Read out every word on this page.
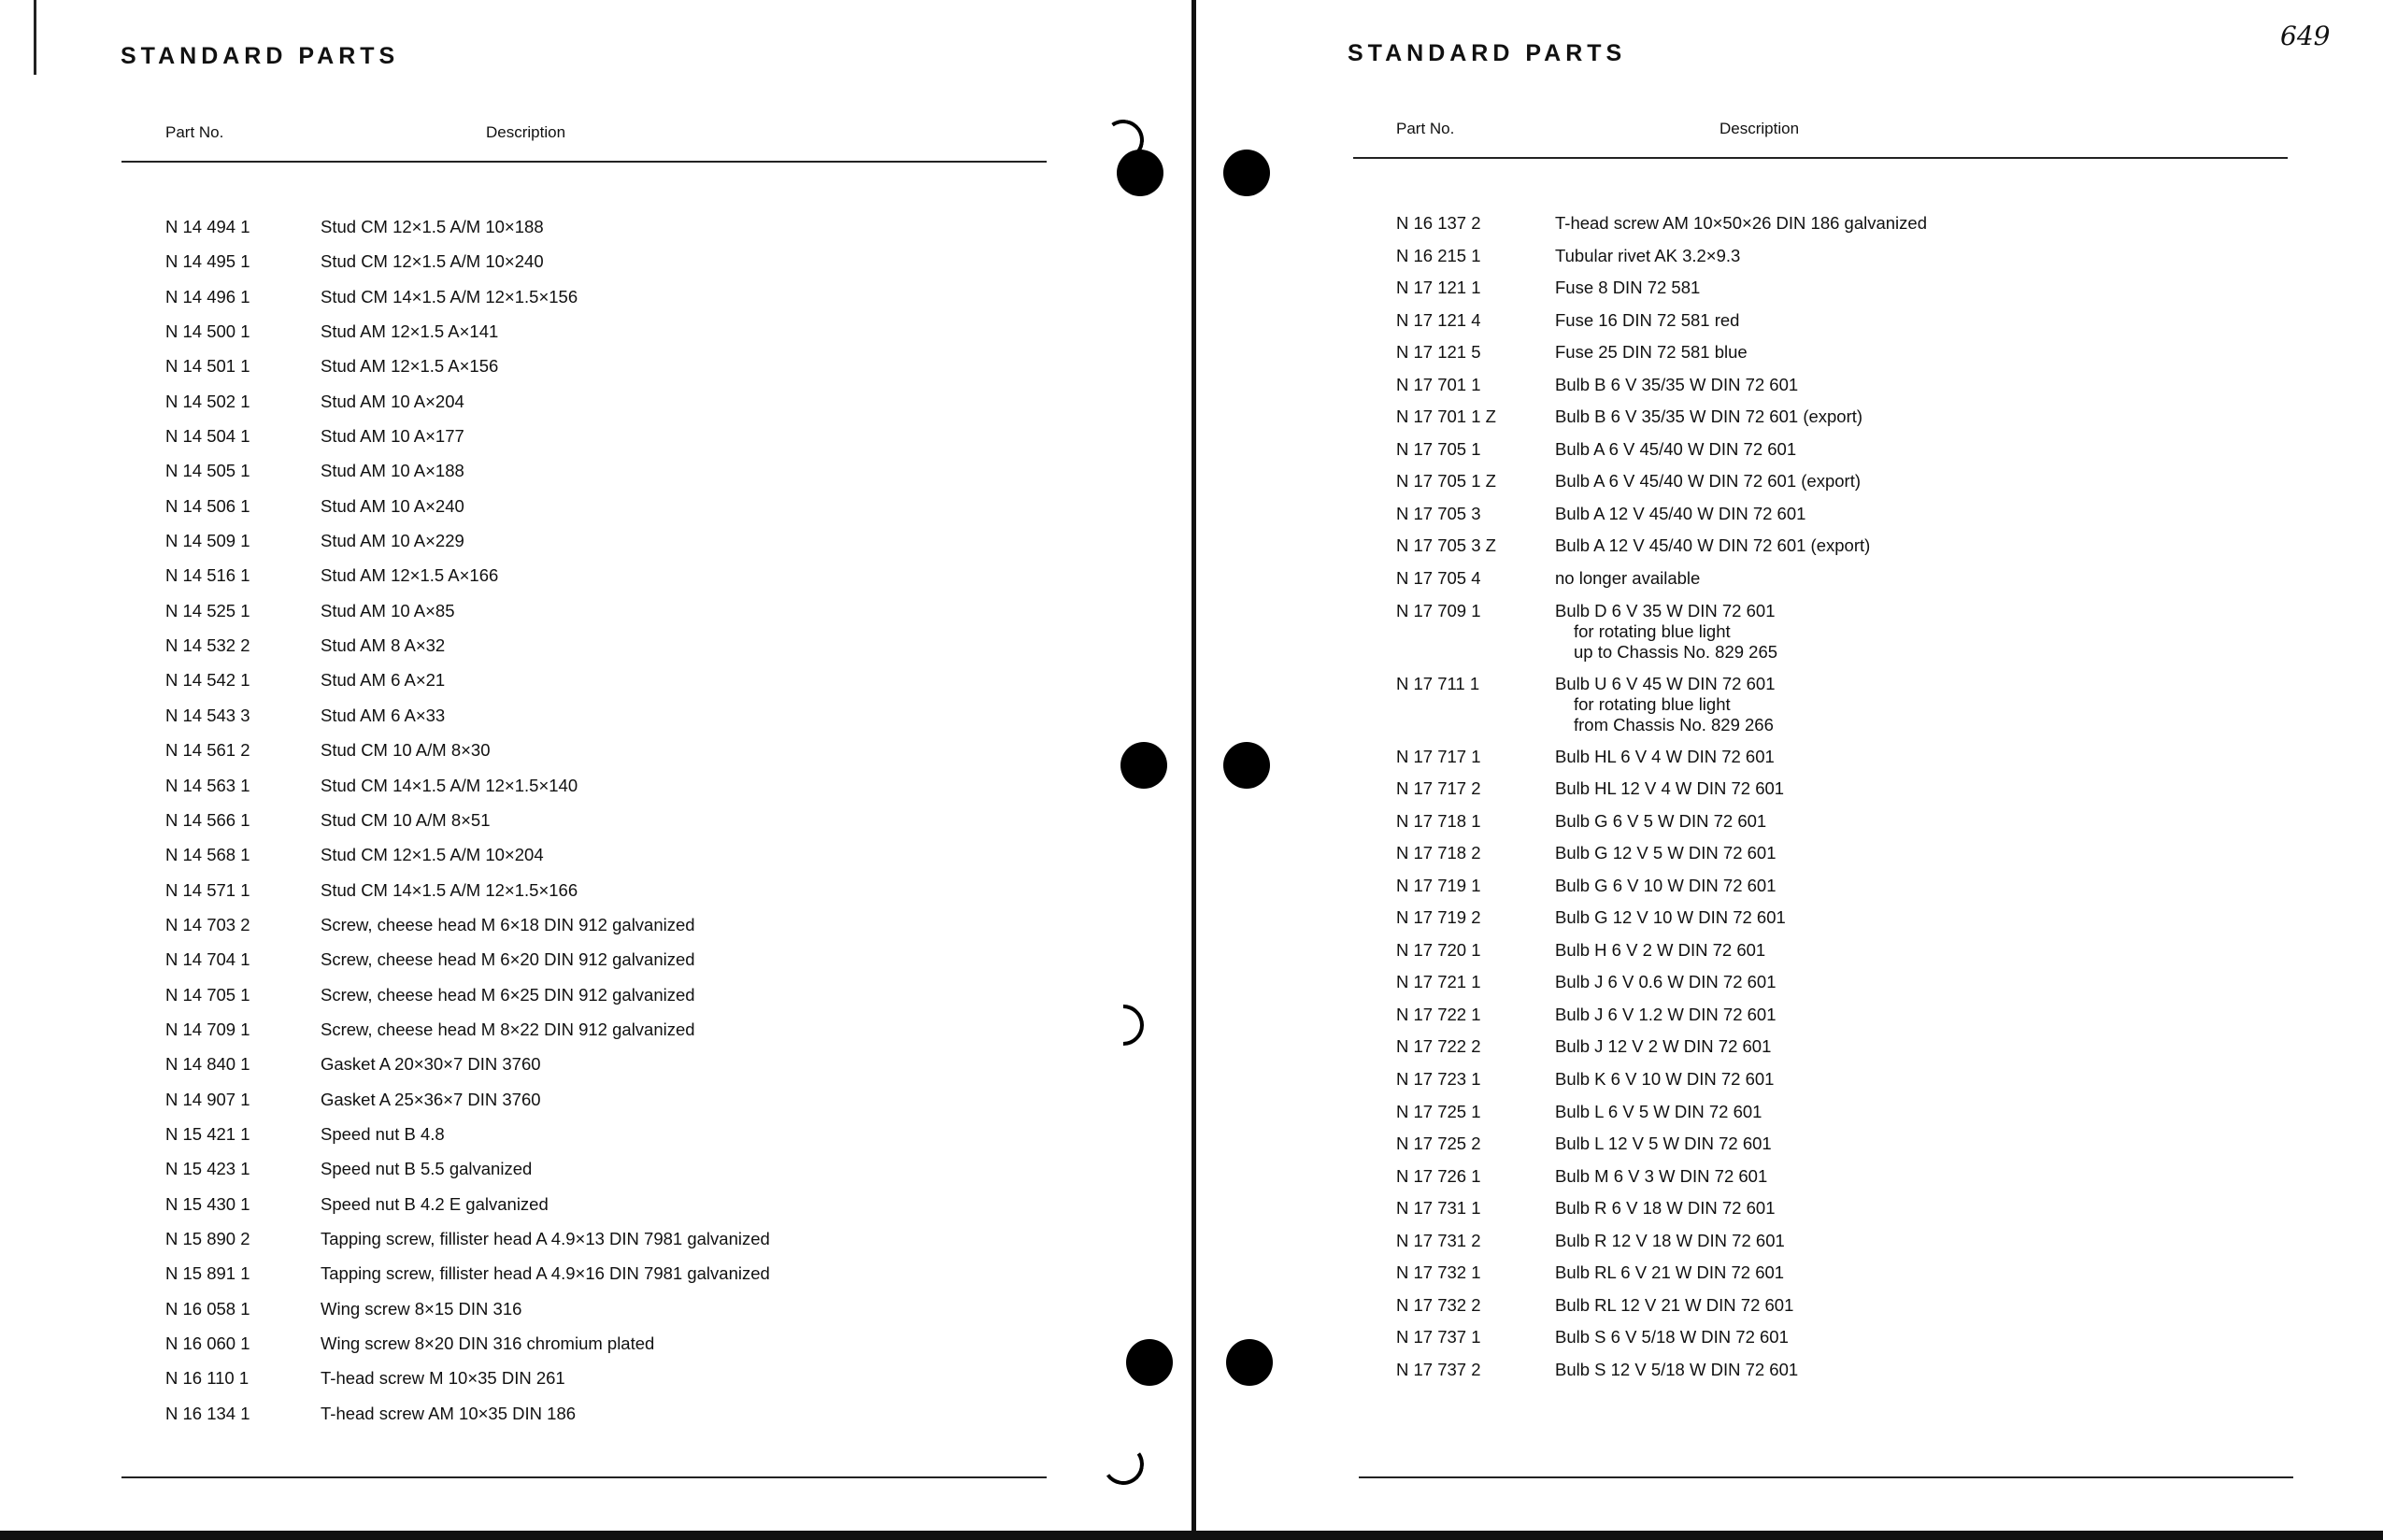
STANDARD PARTS
Part No.	Description
N 14 494 1	Stud CM 12×1.5 A/M 10×188
N 14 495 1	Stud CM 12×1.5 A/M 10×240
N 14 496 1	Stud CM 14×1.5 A/M 12×1.5×156
N 14 500 1	Stud AM 12×1.5 A×141
N 14 501 1	Stud AM 12×1.5 A×156
N 14 502 1	Stud AM 10 A×204
N 14 504 1	Stud AM 10 A×177
N 14 505 1	Stud AM 10 A×188
N 14 506 1	Stud AM 10 A×240
N 14 509 1	Stud AM 10 A×229
N 14 516 1	Stud AM 12×1.5 A×166
N 14 525 1	Stud AM 10 A×85
N 14 532 2	Stud AM 8 A×32
N 14 542 1	Stud AM 6 A×21
N 14 543 3	Stud AM 6 A×33
N 14 561 2	Stud CM 10 A/M 8×30
N 14 563 1	Stud CM 14×1.5 A/M 12×1.5×140
N 14 566 1	Stud CM 10 A/M 8×51
N 14 568 1	Stud CM 12×1.5 A/M 10×204
N 14 571 1	Stud CM 14×1.5 A/M 12×1.5×166
N 14 703 2	Screw, cheese head M 6×18 DIN 912 galvanized
N 14 704 1	Screw, cheese head M 6×20 DIN 912 galvanized
N 14 705 1	Screw, cheese head M 6×25 DIN 912 galvanized
N 14 709 1	Screw, cheese head M 8×22 DIN 912 galvanized
N 14 840 1	Gasket A 20×30×7 DIN 3760
N 14 907 1	Gasket A 25×36×7 DIN 3760
N 15 421 1	Speed nut B 4.8
N 15 423 1	Speed nut B 5.5 galvanized
N 15 430 1	Speed nut B 4.2 E galvanized
N 15 890 2	Tapping screw, fillister head A 4.9×13 DIN 7981 galvanized
N 15 891 1	Tapping screw, fillister head A 4.9×16 DIN 7981 galvanized
N 16 058 1	Wing screw 8×15 DIN 316
N 16 060 1	Wing screw 8×20 DIN 316 chromium plated
N 16 110 1	T-head screw M 10×35 DIN 261
N 16 134 1	T-head screw AM 10×35 DIN 186
STANDARD PARTS
649
Part No.	Description
N 16 137 2	T-head screw AM 10×50×26 DIN 186 galvanized
N 16 215 1	Tubular rivet AK 3.2×9.3
N 17 121 1	Fuse 8 DIN 72 581
N 17 121 4	Fuse 16 DIN 72 581 red
N 17 121 5	Fuse 25 DIN 72 581 blue
N 17 701 1	Bulb B 6 V 35/35 W DIN 72 601
N 17 701 1 Z	Bulb B 6 V 35/35 W DIN 72 601 (export)
N 17 705 1	Bulb A 6 V 45/40 W DIN 72 601
N 17 705 1 Z	Bulb A 6 V 45/40 W DIN 72 601 (export)
N 17 705 3	Bulb A 12 V 45/40 W DIN 72 601
N 17 705 3 Z	Bulb A 12 V 45/40 W DIN 72 601 (export)
N 17 705 4	no longer available
N 17 709 1	Bulb D 6 V 35 W DIN 72 601
for rotating blue light
up to Chassis No. 829 265
N 17 711 1	Bulb U 6 V 45 W DIN 72 601
for rotating blue light
from Chassis No. 829 266
N 17 717 1	Bulb HL 6 V 4 W DIN 72 601
N 17 717 2	Bulb HL 12 V 4 W DIN 72 601
N 17 718 1	Bulb G 6 V 5 W DIN 72 601
N 17 718 2	Bulb G 12 V 5 W DIN 72 601
N 17 719 1	Bulb G 6 V 10 W DIN 72 601
N 17 719 2	Bulb G 12 V 10 W DIN 72 601
N 17 720 1	Bulb H 6 V 2 W DIN 72 601
N 17 721 1	Bulb J 6 V 0.6 W DIN 72 601
N 17 722 1	Bulb J 6 V 1.2 W DIN 72 601
N 17 722 2	Bulb J 12 V 2 W DIN 72 601
N 17 723 1	Bulb K 6 V 10 W DIN 72 601
N 17 725 1	Bulb L 6 V 5 W DIN 72 601
N 17 725 2	Bulb L 12 V 5 W DIN 72 601
N 17 726 1	Bulb M 6 V 3 W DIN 72 601
N 17 731 1	Bulb R 6 V 18 W DIN 72 601
N 17 731 2	Bulb R 12 V 18 W DIN 72 601
N 17 732 1	Bulb RL 6 V 21 W DIN 72 601
N 17 732 2	Bulb RL 12 V 21 W DIN 72 601
N 17 737 1	Bulb S 6 V 5/18 W DIN 72 601
N 17 737 2	Bulb S 12 V 5/18 W DIN 72 601
